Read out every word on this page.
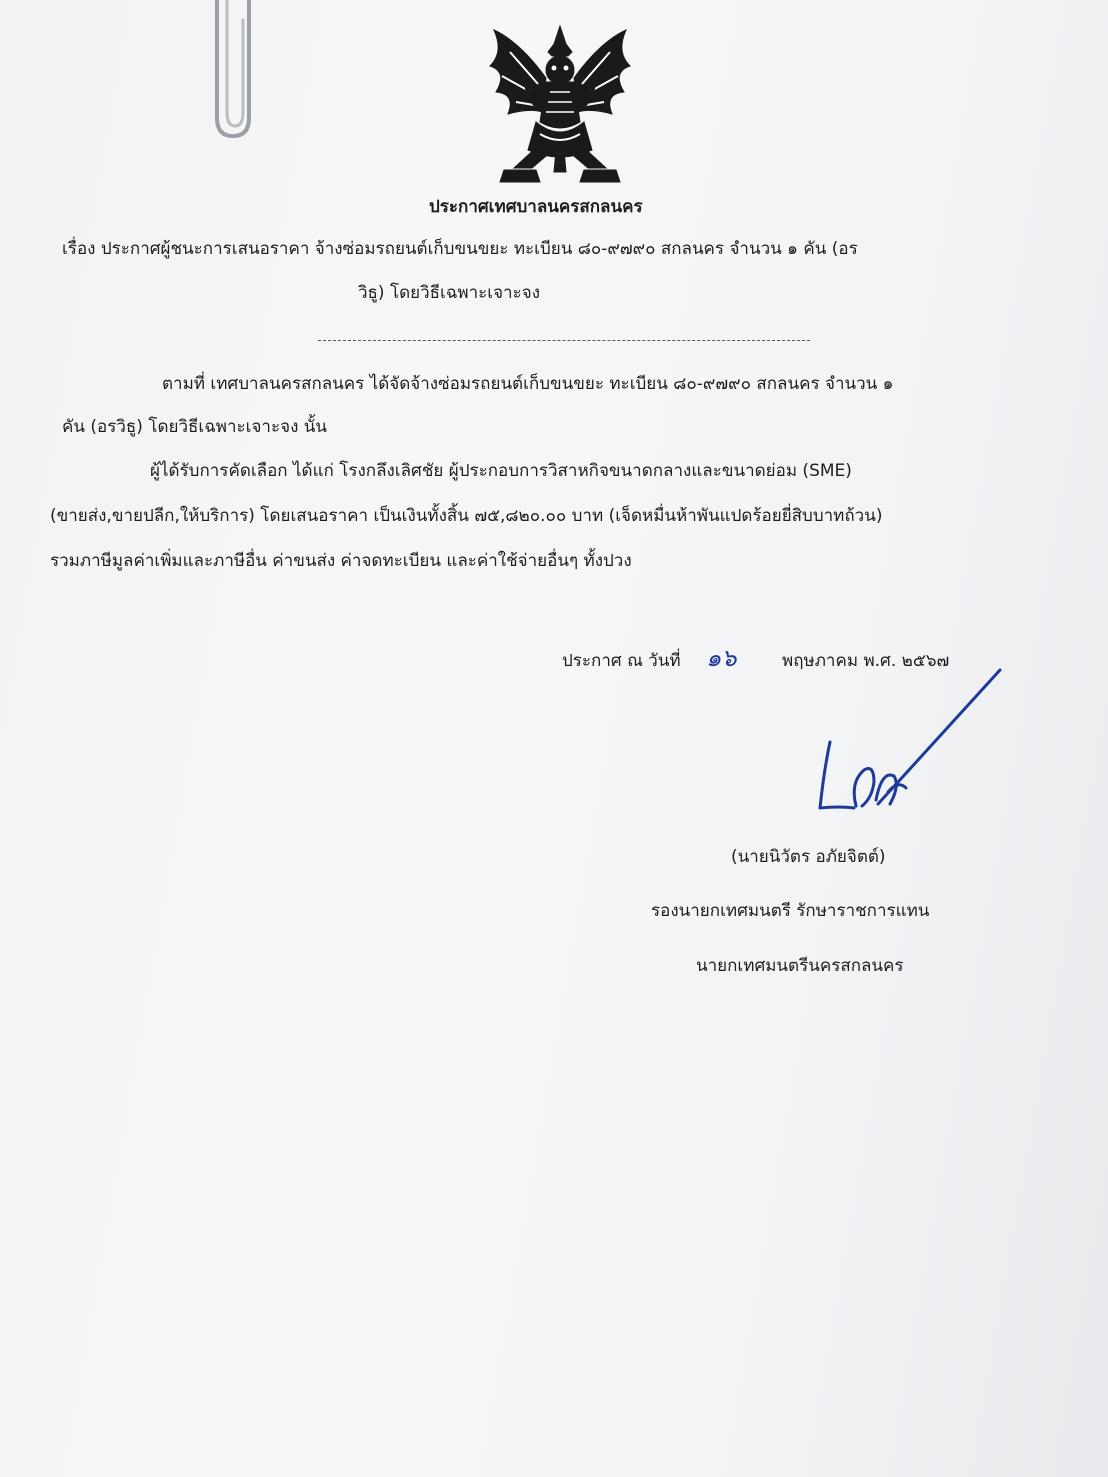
ประกาศเทศบาลนครสกลนคร
เรื่อง ประกาศผู้ชนะการเสนอราคา จ้างซ่อมรถยนต์เก็บขนขยะ ทะเบียน ๘๐-๙๗๙๐ สกลนคร จำนวน ๑ คัน (อร
วิธู) โดยวิธีเฉพาะเจาะจง
ตามที่ เทศบาลนครสกลนคร ได้จัดจ้างซ่อมรถยนต์เก็บขนขยะ ทะเบียน ๘๐-๙๗๙๐ สกลนคร จำนวน ๑
คัน (อรวิธู) โดยวิธีเฉพาะเจาะจง นั้น
ผู้ได้รับการคัดเลือก ได้แก่ โรงกลึงเลิศชัย ผู้ประกอบการวิสาหกิจขนาดกลางและขนาดย่อม (SME)
(ขายส่ง,ขายปลีก,ให้บริการ) โดยเสนอราคา เป็นเงินทั้งสิ้น ๗๕,๘๒๐.๐๐ บาท (เจ็ดหมื่นห้าพันแปดร้อยยี่สิบบาทถ้วน)
รวมภาษีมูลค่าเพิ่มและภาษีอื่น ค่าขนส่ง ค่าจดทะเบียน และค่าใช้จ่ายอื่นๆ ทั้งปวง
ประกาศ ณ วันที่ ๑๖	พฤษภาคม พ.ศ. ๒๕๖๗
(นายนิวัตร อภัยจิตต์)
รองนายกเทศมนตรี รักษาราชการแทน
นายกเทศมนตรีนครสกลนคร
